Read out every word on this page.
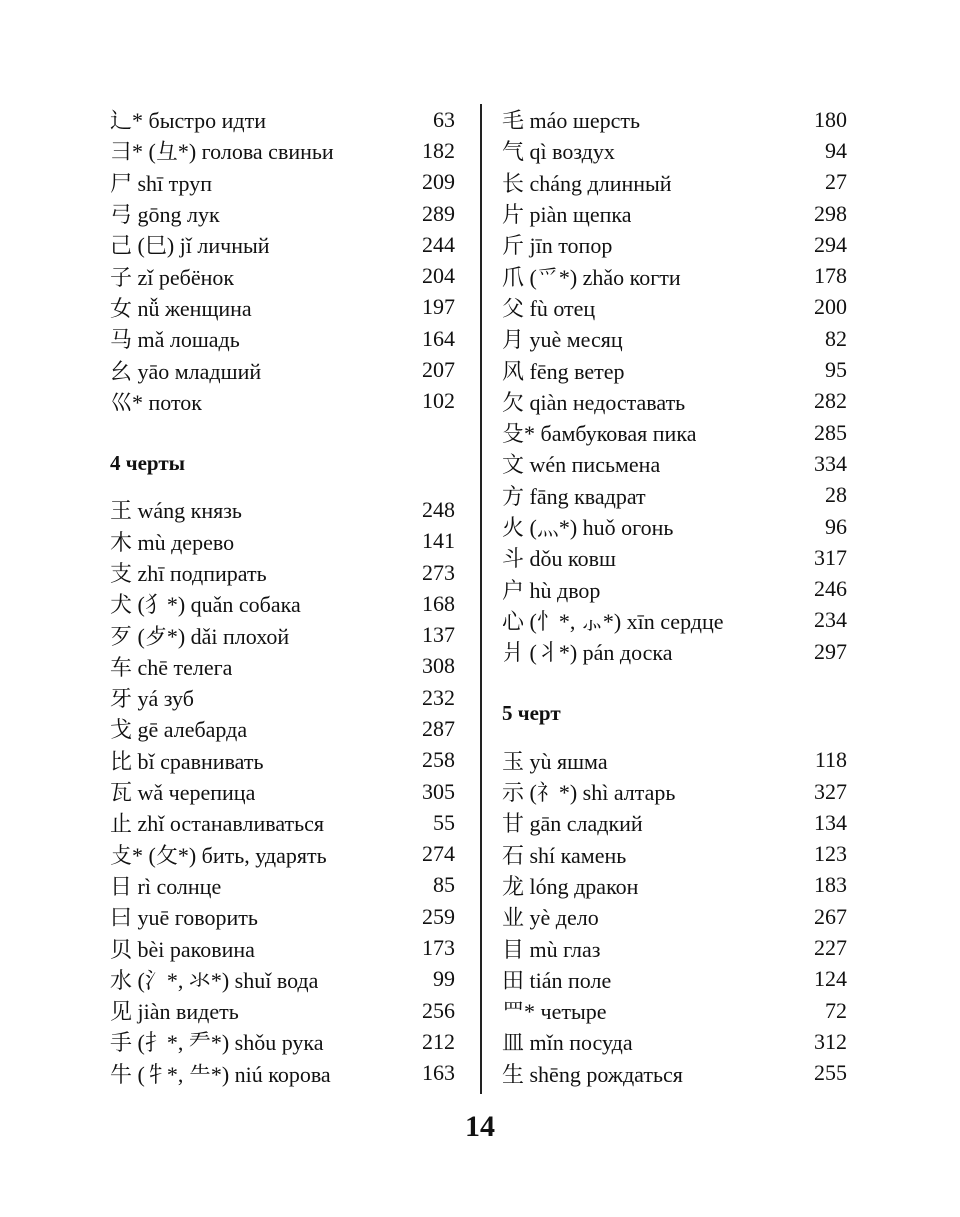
⻌* быстро идти	63
彐* (彑*) голова свиньи	182
尸 shī труп	209
弓 gōng лук	289
己 (巳) jǐ личный	244
子 zǐ ребёнок	204
女 nǚ женщина	197
马 mǎ лошадь	164
幺 yāo младший	207
巛* поток	102
4 черты
王 wáng князь	248
木 mù дерево	141
支 zhī подпирать	273
犬 (犭*) quǎn собака	168
歹 (歺*) dǎi плохой	137
车 chē телега	308
牙 yá зуб	232
戈 gē алебарда	287
比 bǐ сравнивать	258
瓦 wǎ черепица	305
止 zhǐ останавливаться	55
攴* (攵*) бить, ударять	274
日 rì солнце	85
曰 yuē говорить	259
贝 bèi раковина	173
水 (氵*, 氺*) shuǐ вода	99
见 jiàn видеть	256
手 (扌*, 龵*) shǒu рука	212
牛 (牜*, ⺧*) niú корова	163
毛 máo шерсть	180
气 qì воздух	94
长 cháng длинный	27
片 piàn щепка	298
斤 jīn топор	294
爪 (爫*) zhǎo когти	178
父 fù отец	200
月 yuè месяц	82
风 fēng ветер	95
欠 qiàn недоставать	282
殳* бамбуковая пика	285
文 wén письмена	334
方 fāng квадрат	28
火 (灬*) huǒ огонь	96
斗 dǒu ковш	317
户 hù двор	246
心 (忄*, ⺗*) xīn сердце	234
爿 (丬*) pán доска	297
5 черт
玉 yù яшма	118
示 (礻*) shì алтарь	327
甘 gān сладкий	134
石 shí камень	123
龙 lóng дракон	183
业 yè дело	267
目 mù глаз	227
田 tián поле	124
罒* четыре	72
皿 mǐn посуда	312
生 shēng рождаться	255
14
